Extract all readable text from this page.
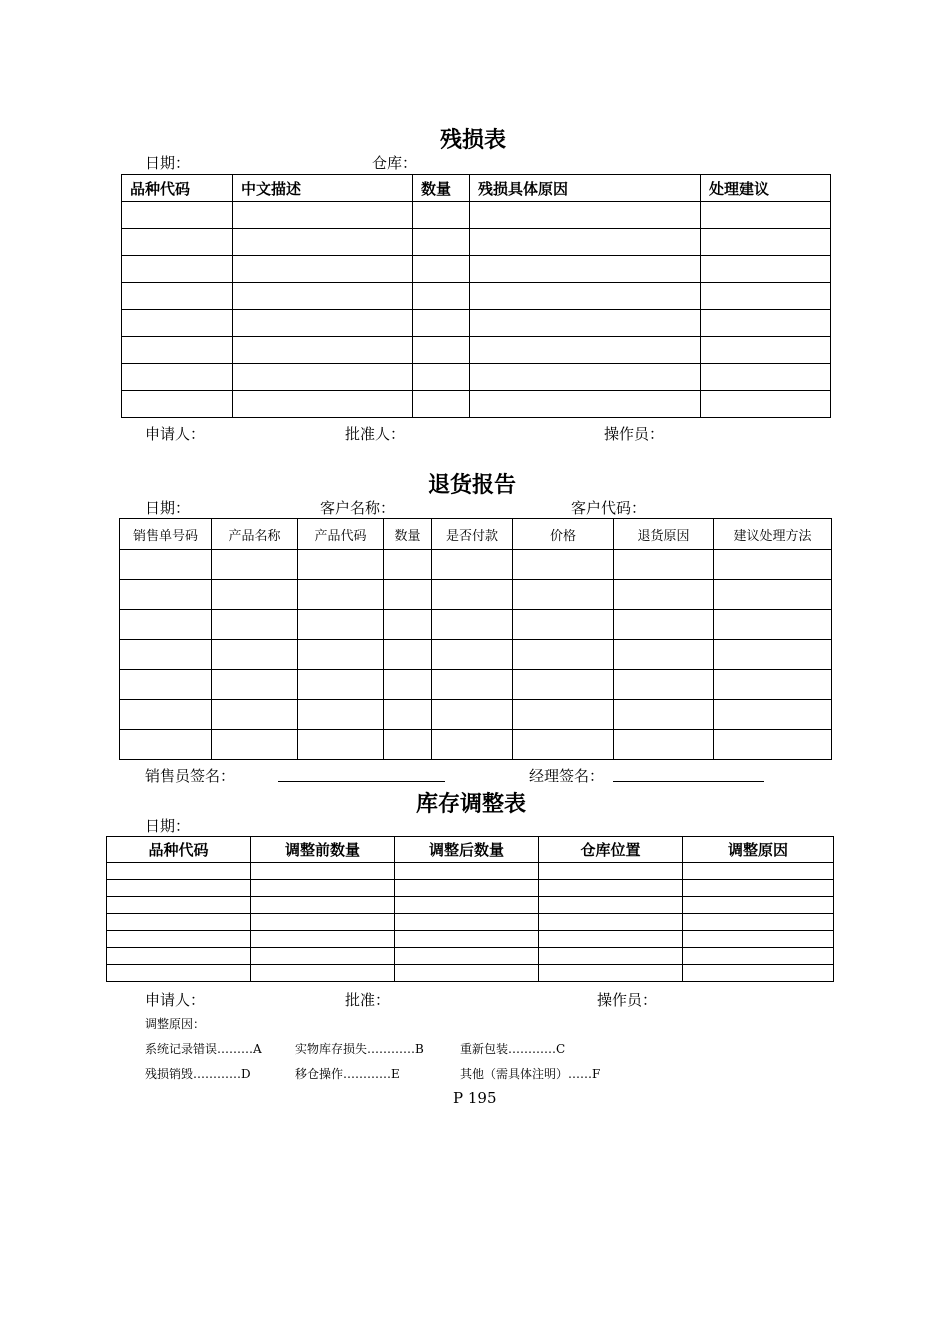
残损表
日期：	仓库：
品种代码	中文描述	数量	残损具体原因	处理建议

申请人：	批准人：	操作员：
退货报告
日期：	客户名称：	客户代码：
销售单号码	产品名称	产品代码	数量	是否付款	价格	退货原因	建议处理方法

销售员签名：	经理签名：
库存调整表
日期：
品种代码	调整前数量	调整后数量	仓库位置	调整原因

申请人：	批准：	操作员：
调整原因：
系统记录错误………A	实物库存损失…………B	重新包装…………C
残损销毁…………D	移仓操作…………E	其他（需具体注明）……F
P 195
